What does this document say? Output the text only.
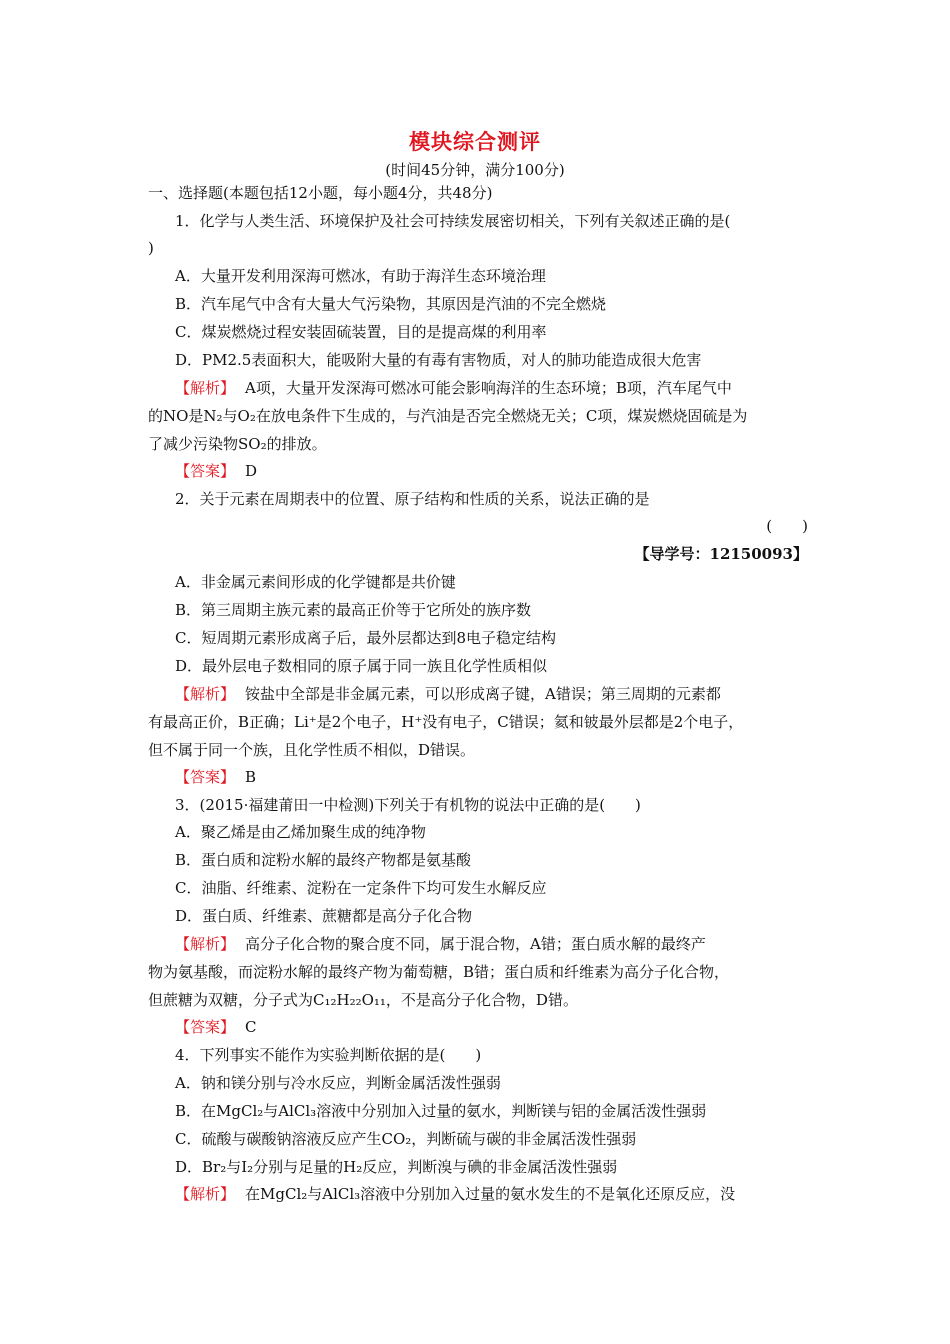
模块综合测评
(时间45分钟，满分100分)
一、选择题(本题包括12小题，每小题4分，共48分)
1．化学与人类生活、环境保护及社会可持续发展密切相关，下列有关叙述正确的是(
)
A．大量开发利用深海可燃冰，有助于海洋生态环境治理
B．汽车尾气中含有大量大气污染物，其原因是汽油的不完全燃烧
C．煤炭燃烧过程安装固硫装置，目的是提高煤的利用率
D．PM2.5表面积大，能吸附大量的有毒有害物质，对人的肺功能造成很大危害
【解析】 A项，大量开发深海可燃冰可能会影响海洋的生态环境；B项，汽车尾气中
的NO是N₂与O₂在放电条件下生成的，与汽油是否完全燃烧无关；C项，煤炭燃烧固硫是为
了减少污染物SO₂的排放。
【答案】 D
2．关于元素在周期表中的位置、原子结构和性质的关系，说法正确的是
(　　)
【导学号：12150093】
A．非金属元素间形成的化学键都是共价键
B．第三周期主族元素的最高正价等于它所处的族序数
C．短周期元素形成离子后，最外层都达到8电子稳定结构
D．最外层电子数相同的原子属于同一族且化学性质相似
【解析】 铵盐中全部是非金属元素，可以形成离子键，A错误；第三周期的元素都
有最高正价，B正确；Li⁺是2个电子，H⁺没有电子，C错误；氦和铍最外层都是2个电子，
但不属于同一个族，且化学性质不相似，D错误。
【答案】 B
3．(2015·福建莆田一中检测)下列关于有机物的说法中正确的是(　　)
A．聚乙烯是由乙烯加聚生成的纯净物
B．蛋白质和淀粉水解的最终产物都是氨基酸
C．油脂、纤维素、淀粉在一定条件下均可发生水解反应
D．蛋白质、纤维素、蔗糖都是高分子化合物
【解析】 高分子化合物的聚合度不同，属于混合物，A错；蛋白质水解的最终产
物为氨基酸，而淀粉水解的最终产物为葡萄糖，B错；蛋白质和纤维素为高分子化合物，
但蔗糖为双糖，分子式为C₁₂H₂₂O₁₁，不是高分子化合物，D错。
【答案】 C
4．下列事实不能作为实验判断依据的是(　　)
A．钠和镁分别与冷水反应，判断金属活泼性强弱
B．在MgCl₂与AlCl₃溶液中分别加入过量的氨水，判断镁与铝的金属活泼性强弱
C．硫酸与碳酸钠溶液反应产生CO₂，判断硫与碳的非金属活泼性强弱
D．Br₂与I₂分别与足量的H₂反应，判断溴与碘的非金属活泼性强弱
【解析】 在MgCl₂与AlCl₃溶液中分别加入过量的氨水发生的不是氧化还原反应，没
